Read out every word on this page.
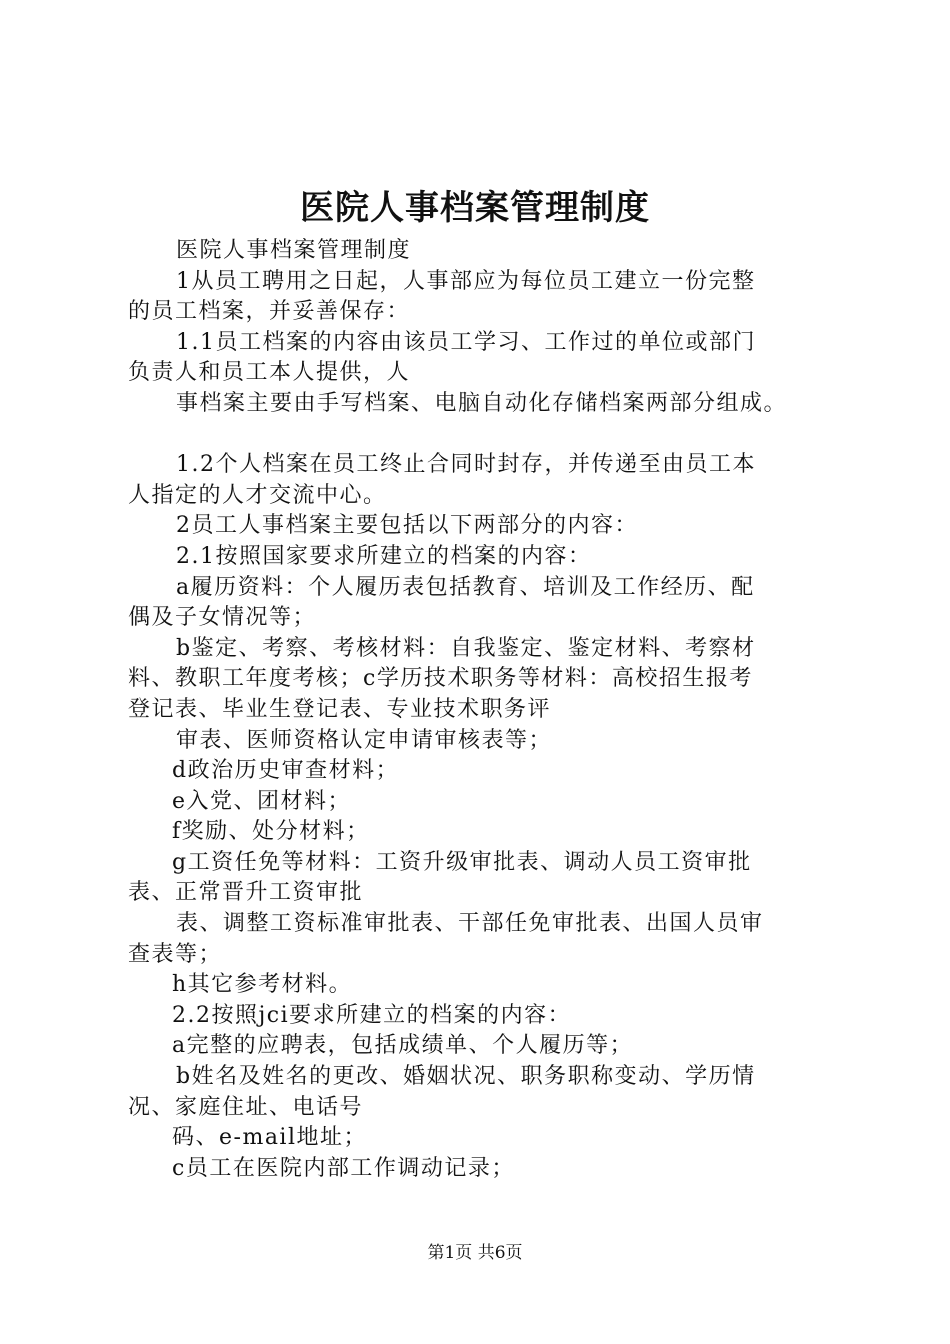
医院人事档案管理制度

医院人事档案管理制度

1从员工聘用之日起，人事部应为每位员工建立一份完整

的员工档案，并妥善保存：

1.1员工档案的内容由该员工学习、工作过的单位或部门

负责人和员工本人提供，人

事档案主要由手写档案、电脑自动化存储档案两部分组成。

1.2个人档案在员工终止合同时封存，并传递至由员工本

人指定的人才交流中心。

2员工人事档案主要包括以下两部分的内容：

2.1按照国家要求所建立的档案的内容：

a履历资料：个人履历表包括教育、培训及工作经历、配

偶及子女情况等；

b鉴定、考察、考核材料：自我鉴定、鉴定材料、考察材

料、教职工年度考核；c学历技术职务等材料：高校招生报考

登记表、毕业生登记表、专业技术职务评

审表、医师资格认定申请审核表等；

d政治历史审查材料；

e入党、团材料；

f奖励、处分材料；

g工资任免等材料：工资升级审批表、调动人员工资审批

表、正常晋升工资审批

表、调整工资标准审批表、干部任免审批表、出国人员审

查表等；

h其它参考材料。

2.2按照jci要求所建立的档案的内容：

a完整的应聘表，包括成绩单、个人履历等；

b姓名及姓名的更改、婚姻状况、职务职称变动、学历情

况、家庭住址、电话号

码、e-mail地址；

c员工在医院内部工作调动记录；

第1页 共6页
